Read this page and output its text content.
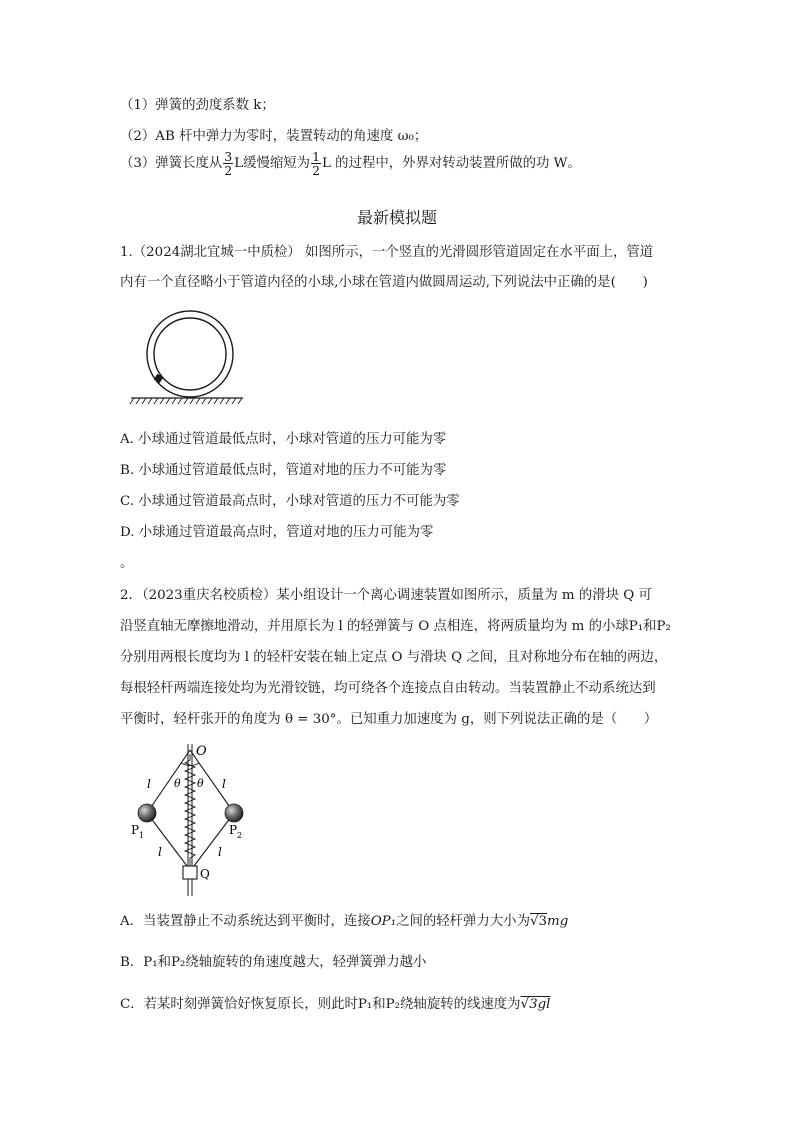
（1）弹簧的劲度系数 k；
（2）AB 杆中弹力为零时，装置转动的角速度 ω₀；
（3）弹簧长度从 $\frac{3}{2}$ L缓慢缩短为 $\frac{1}{2}$ L 的过程中，外界对转动装置所做的功 W。
最新模拟题
1.（2024湖北宜城一中质检） 如图所示，一个竖直的光滑圆形管道固定在水平面上，管道
内有一个直径略小于管道内径的小球,小球在管道内做圆周运动,下列说法中正确的是(　　)
A. 小球通过管道最低点时，小球对管道的压力可能为零
B. 小球通过管道最低点时，管道对地的压力不可能为零
C. 小球通过管道最高点时，小球对管道的压力不可能为零
D. 小球通过管道最高点时，管道对地的压力可能为零
。
2．（2023重庆名校质检）某小组设计一个离心调速装置如图所示，质量为 m 的滑块 Q 可
沿竖直轴无摩擦地滑动，并用原长为 l 的轻弹簧与 O 点相连，将两质量均为 m 的小球P₁和P₂
分别用两根长度均为 l 的轻杆安装在轴上定点 O 与滑块 Q 之间，且对称地分布在轴的两边，
每根轻杆两端连接处均为光滑铰链，均可绕各个连接点自由转动。当装置静止不动系统达到
平衡时，轻杆张开的角度为 θ = 30°。已知重力加速度为 g，则下列说法正确的是（　　）
O
θ θ
l	l
l	l
P 1	P 2
Q
A．当装置静止不动系统达到平衡时，连接OP₁之间的轻杆弹力大小为√3mg
B．P₁和P₂绕轴旋转的角速度越大，轻弹簧弹力越小
C．若某时刻弹簧恰好恢复原长，则此时P₁和P₂绕轴旋转的线速度为√3gl
